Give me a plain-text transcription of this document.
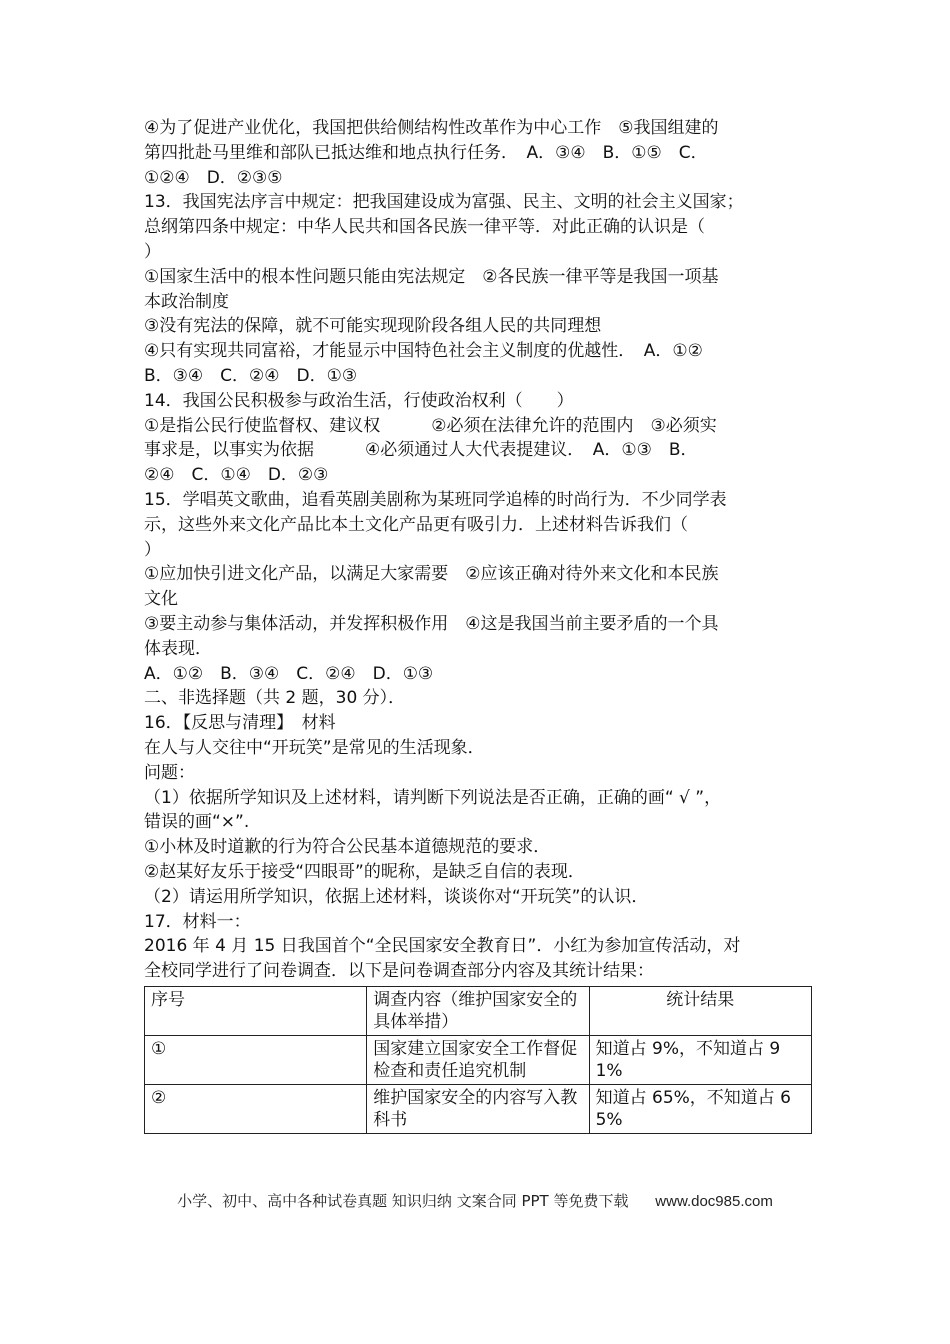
④为了促进产业优化，我国把供给侧结构性改革作为中心工作　⑤我国组建的
第四批赴马里维和部队已抵达维和地点执行任务．　A．③④　B．①⑤　C．
①②④　D．②③⑤
13．我国宪法序言中规定：把我国建设成为富强、民主、文明的社会主义国家；
总纲第四条中规定：中华人民共和国各民族一律平等．对此正确的认识是（
）
①国家生活中的根本性问题只能由宪法规定　②各民族一律平等是我国一项基
本政治制度
③没有宪法的保障，就不可能实现现阶段各组人民的共同理想
④只有实现共同富裕，才能显示中国特色社会主义制度的优越性．　A．①②
B．③④　C．②④　D．①③
14．我国公民积极参与政治生活，行使政治权利（　　）
①是指公民行使监督权、建议权　　　②必须在法律允许的范围内　③必须实
事求是，以事实为依据　　　④必须通过人大代表提建议．　A．①③　B．
②④　C．①④　D．②③
15．学唱英文歌曲，追看英剧美剧称为某班同学追棒的时尚行为．不少同学表
示，这些外来文化产品比本土文化产品更有吸引力．上述材料告诉我们（
）
①应加快引进文化产品，以满足大家需要　②应该正确对待外来文化和本民族
文化
③要主动参与集体活动，并发挥积极作用　④这是我国当前主要矛盾的一个具
体表现．
A．①②　B．③④　C．②④　D．①③
二、非选择题（共 2 题，30 分）．
16．【反思与清理】　材料
在人与人交往中“开玩笑”是常见的生活现象．
问题：
（1）依据所学知识及上述材料，请判断下列说法是否正确，正确的画“ √ ”，
错误的画“×”.
①小林及时道歉的行为符合公民基本道德规范的要求．
②赵某好友乐于接受“四眼哥”的昵称，是缺乏自信的表现．
（2）请运用所学知识，依据上述材料，谈谈你对“开玩笑”的认识．
17．材料一：
2016 年 4 月 15 日我国首个“全民国家安全教育日”．小红为参加宣传活动，对
全校同学进行了问卷调查．以下是问卷调查部分内容及其统计结果：
序号	调查内容（维护国家安全的具体举措）	统计结果
①	国家建立国家安全工作督促检查和责任追究机制	知道占 9%，不知道占 91%
②	维护国家安全的内容写入教科书	知道占 65%，不知道占 65%
小学、初中、高中各种试卷真题 知识归纳 文案合同 PPT 等免费下载 www.doc985.com
